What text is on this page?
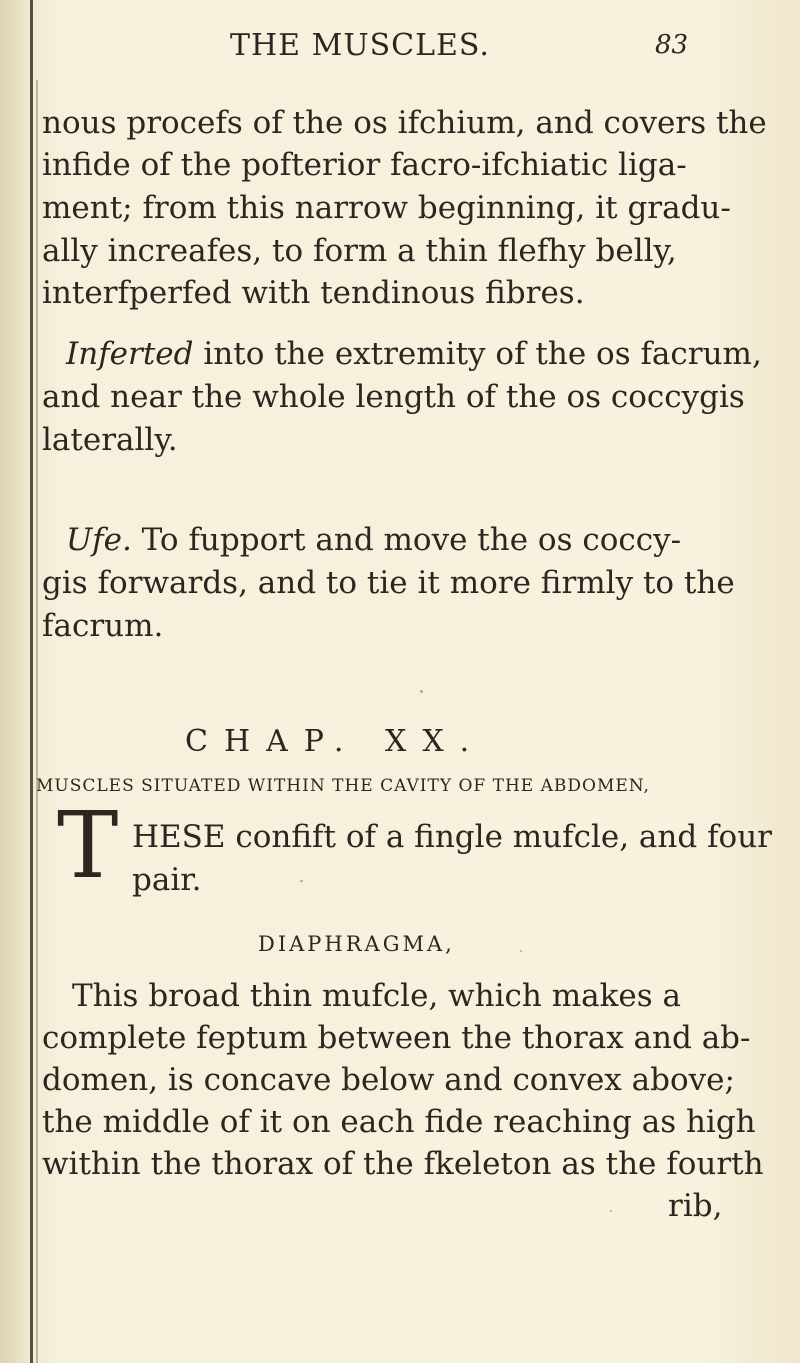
THE MUSCLES.	83
nous procefs of the os ifchium, and covers the
infide of the pofterior facro-ifchiatic liga-
ment; from this narrow beginning, it gradu-
ally increafes, to form a thin flefhy belly,
interfperfed with tendinous fibres.
Inferted into the extremity of the os facrum,
and near the whole length of the os coccygis
laterally.
Ufe. To fupport and move the os coccy-
gis forwards, and to tie it more firmly to the
facrum.
CHAP. XX.
MUSCLES SITUATED WITHIN THE CAVITY OF THE ABDOMEN,
T HESE confift of a fingle mufcle, and four
pair.
DIAPHRAGMA,
This broad thin mufcle, which makes a
complete feptum between the thorax and ab-
domen, is concave below and convex above;
the middle of it on each fide reaching as high
within the thorax of the fkeleton as the fourth
rib,
